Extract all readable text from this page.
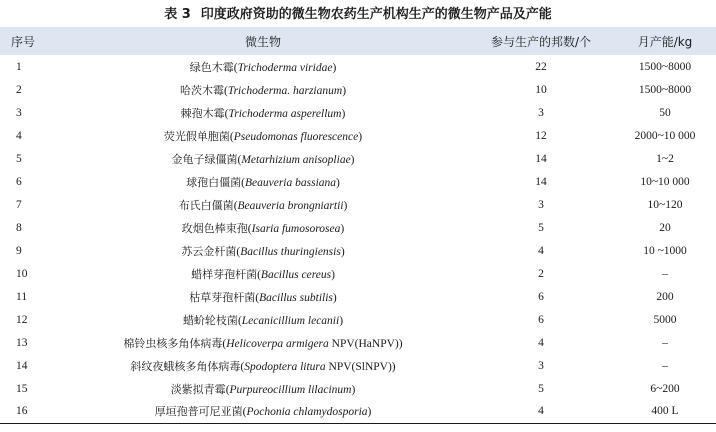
表 3 印度政府资助的微生物农药生产机构生产的微生物产品及产能
序号	微生物	参与生产的邦数/个	月产能/kg
1	绿色木霉(Trichoderma viridae)	22	1500~8000
2	哈茨木霉(Trichoderma. harzianum)	10	1500~8000
3	棘孢木霉(Trichoderma asperellum)	3	50
4	荧光假单胞菌(Pseudomonas fluorescence)	12	2000~10 000
5	金龟子绿僵菌(Metarhizium anisopliae)	14	1~2
6	球孢白僵菌(Beauveria bassiana)	14	10~10 000
7	布氏白僵菌(Beauveria brongniartii)	3	10~120
8	玫烟色棒束孢(Isaria fumosorosea)	5	20
9	苏云金杆菌(Bacillus thuringiensis)	4	10 ~1000
10	蜡样芽孢杆菌(Bacillus cereus)	2	–
11	枯草芽孢杆菌(Bacillus subtilis)	6	200
12	蜡蚧轮枝菌(Lecanicillium lecanii)	6	5000
13	棉铃虫核多角体病毒(Helicoverpa armigera NPV(HaNPV))	4	–
14	斜纹夜蛾核多角体病毒(Spodoptera litura NPV(SlNPV))	3	–
15	淡紫拟青霉(Purpureocillium lilacinum)	5	6~200
16	厚垣孢普可尼亚菌(Pochonia chlamydosporia)	4	400 L
